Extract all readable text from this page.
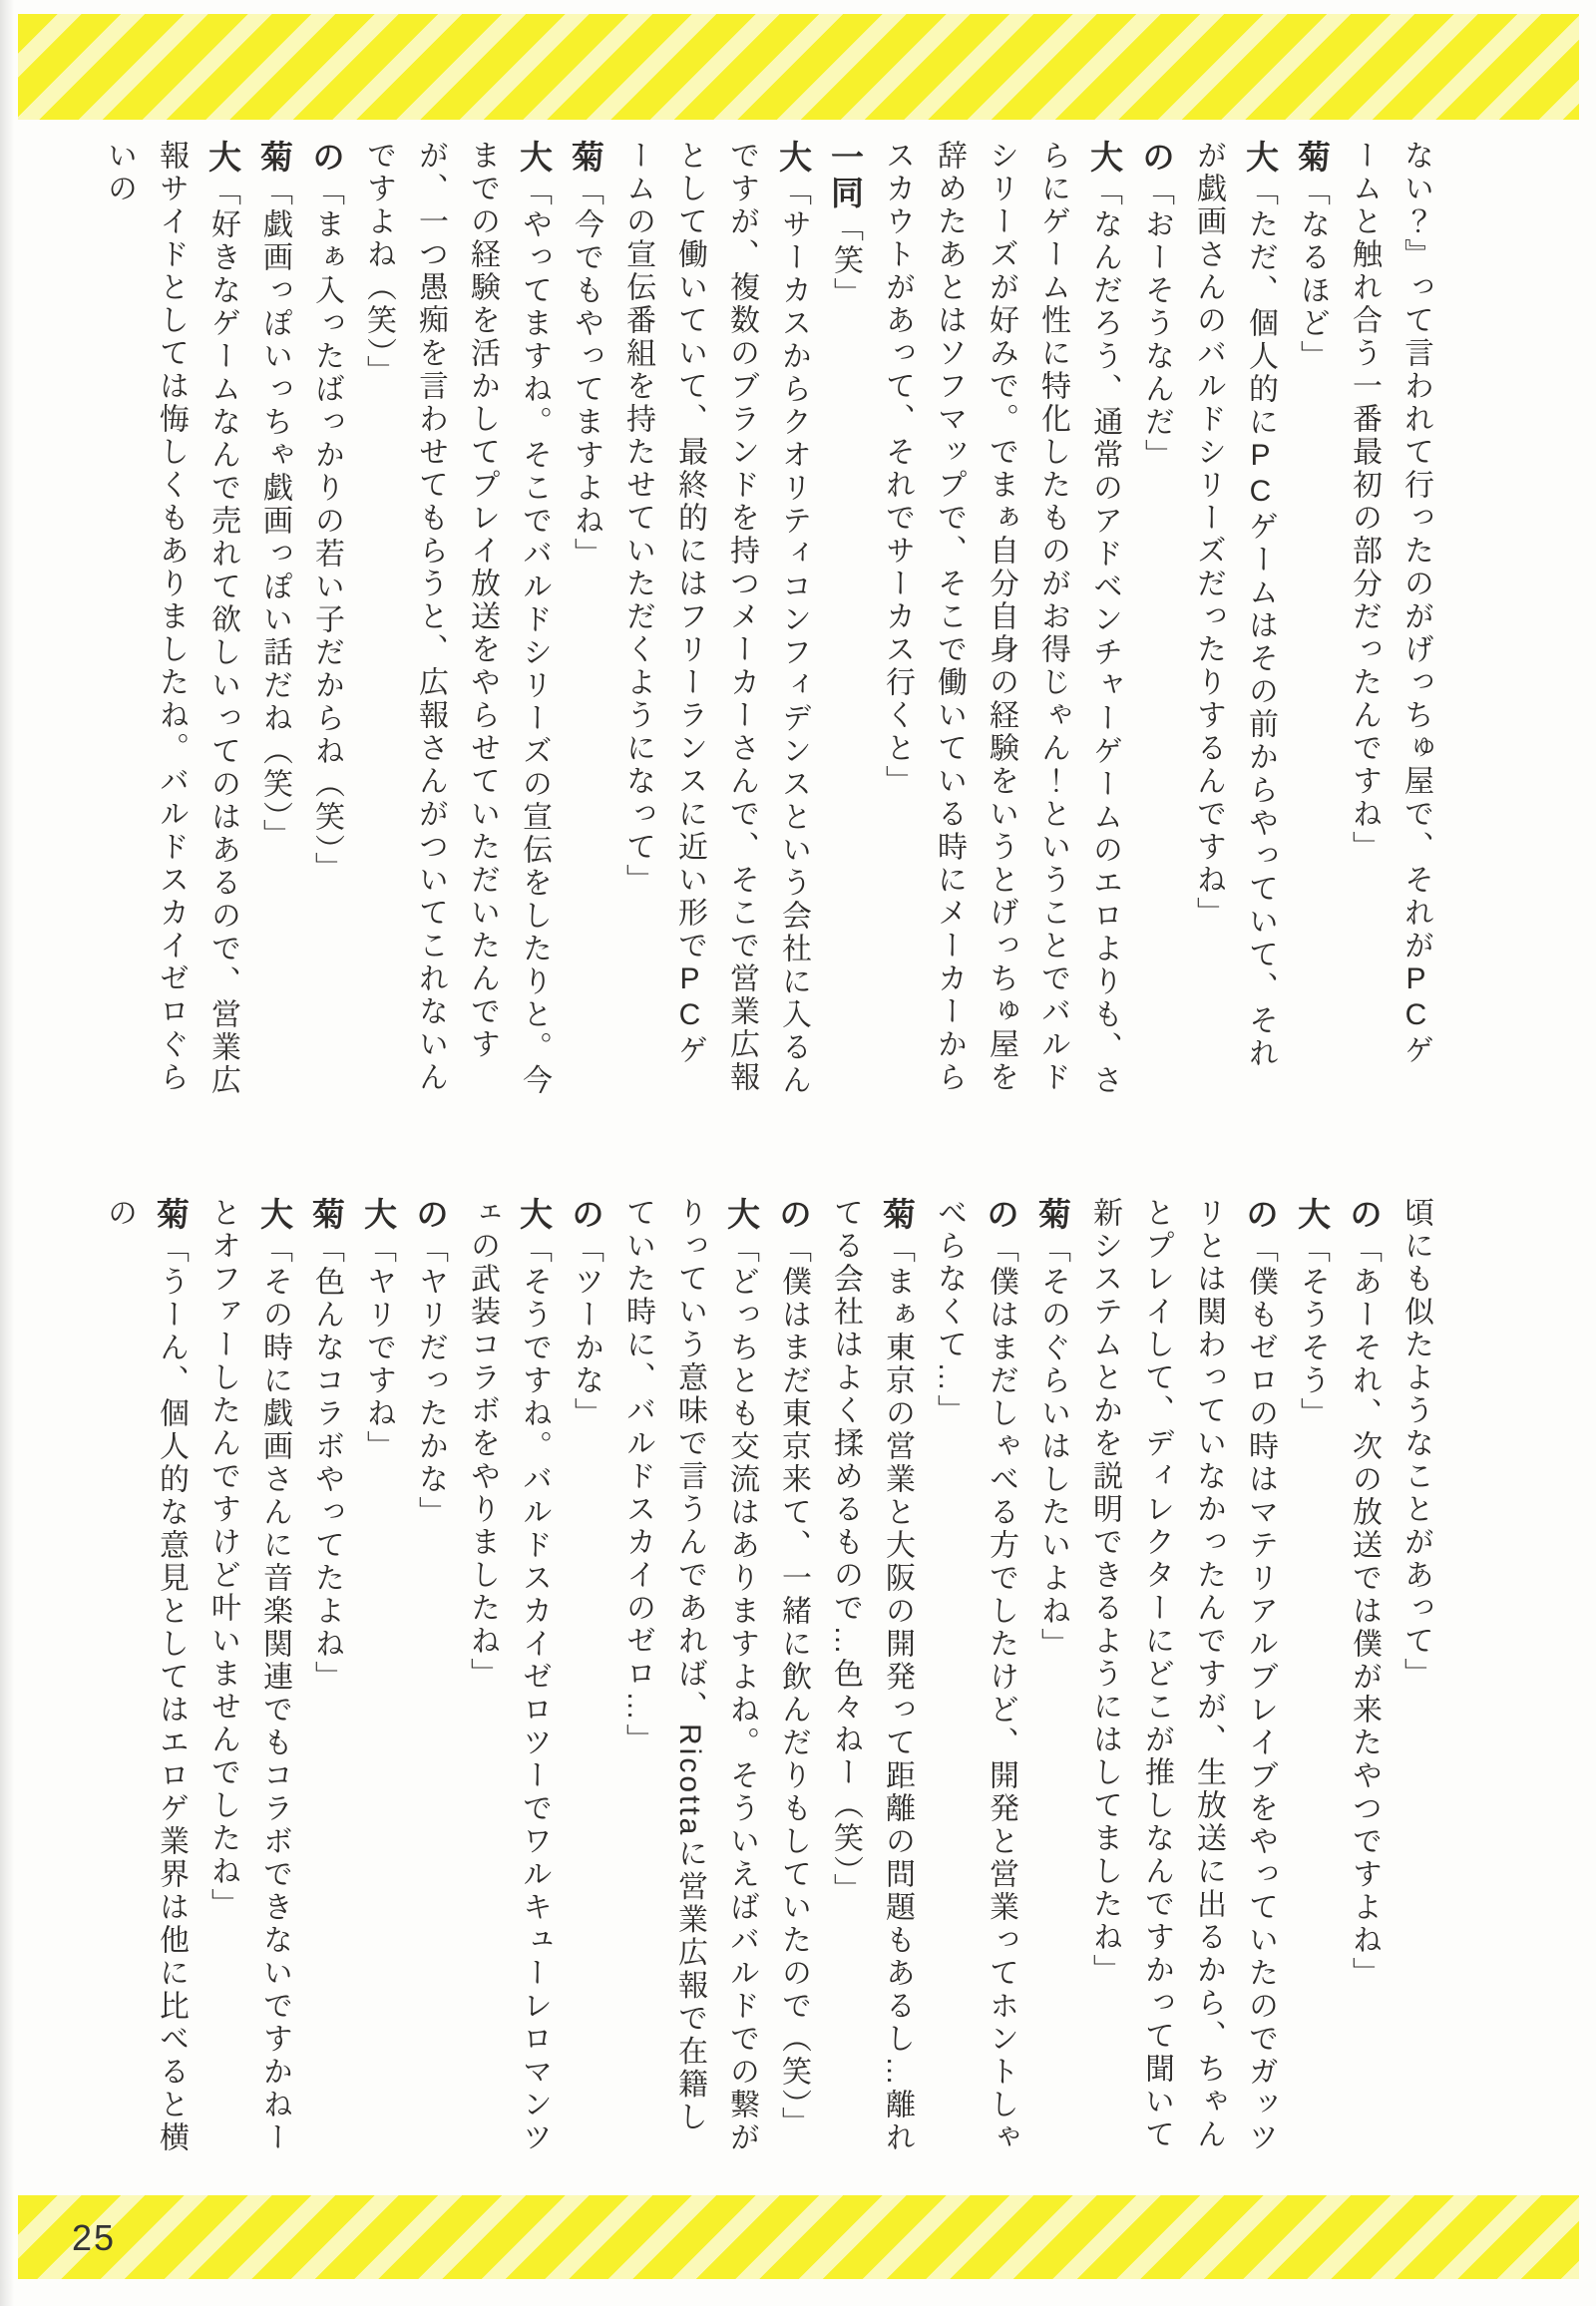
ない？』って言われて行ったのがげっちゅ屋で、それがPCゲームと触れ合う一番最初の部分だったんですね」

菊「なるほど」

大「ただ、個人的にPCゲームはその前からやっていて、それが戯画さんのバルドシリーズだったりするんですね」

の「おーそうなんだ」

大「なんだろう、通常のアドベンチャーゲームのエロよりも、さらにゲーム性に特化したものがお得じゃん！ということでバルドシリーズが好みで。でまぁ自分自身の経験をいうとげっちゅ屋を辞めたあとはソフマップで、そこで働いている時にメーカーからスカウトがあって、それでサーカス行くと」

一同「笑」

大「サーカスからクオリティコンフィデンスという会社に入るんですが、複数のブランドを持つメーカーさんで、そこで営業広報として働いていて、最終的にはフリーランスに近い形でPCゲームの宣伝番組を持たせていただくようになって」

菊「今でもやってますよね」

大「やってますね。そこでバルドシリーズの宣伝をしたりと。今までの経験を活かしてプレイ放送をやらせていただいたんですが、一つ愚痴を言わせてもらうと、広報さんがついてこれないんですよね（笑）」

の「まぁ入ったばっかりの若い子だからね（笑）」

菊「戯画っぽいっちゃ戯画っぽい話だね（笑）」

大「好きなゲームなんで売れて欲しいってのはあるので、営業広報サイドとしては悔しくもありましたね。バルドスカイゼロぐらいの

頃にも似たようなことがあって」

の「あーそれ、次の放送では僕が来たやつですよね」

大「そうそう」

の「僕もゼロの時はマテリアルブレイブをやっていたのでガッツリとは関わっていなかったんですが、生放送に出るから、ちゃんとプレイして、ディレクターにどこが推しなんですかって聞いて新システムとかを説明できるようにはしてましたね」

菊「そのぐらいはしたいよね」

の「僕はまだしゃべる方でしたけど、開発と営業ってホントしゃべらなくて…」

菊「まぁ東京の営業と大阪の開発って距離の問題もあるし…離れてる会社はよく揉めるもので…色々ねー（笑）」

の「僕はまだ東京来て、一緒に飲んだりもしていたので（笑）」

大「どっちとも交流はありますよね。そういえばバルドでの繋がりっていう意味で言うんであれば、Ricottaに営業広報で在籍していた時に、バルドスカイのゼロ…」

の「ツーかな」

大「そうですね。バルドスカイゼロツーでワルキューレロマンツェの武装コラボをやりましたね」

の「ヤリだったかな」

大「ヤリですね」

菊「色んなコラボやってたよね」

大「その時に戯画さんに音楽関連でもコラボできないですかねーとオファーしたんですけど叶いませんでしたね」

菊「うーん、個人的な意見としてはエロゲ業界は他に比べると横の

25
